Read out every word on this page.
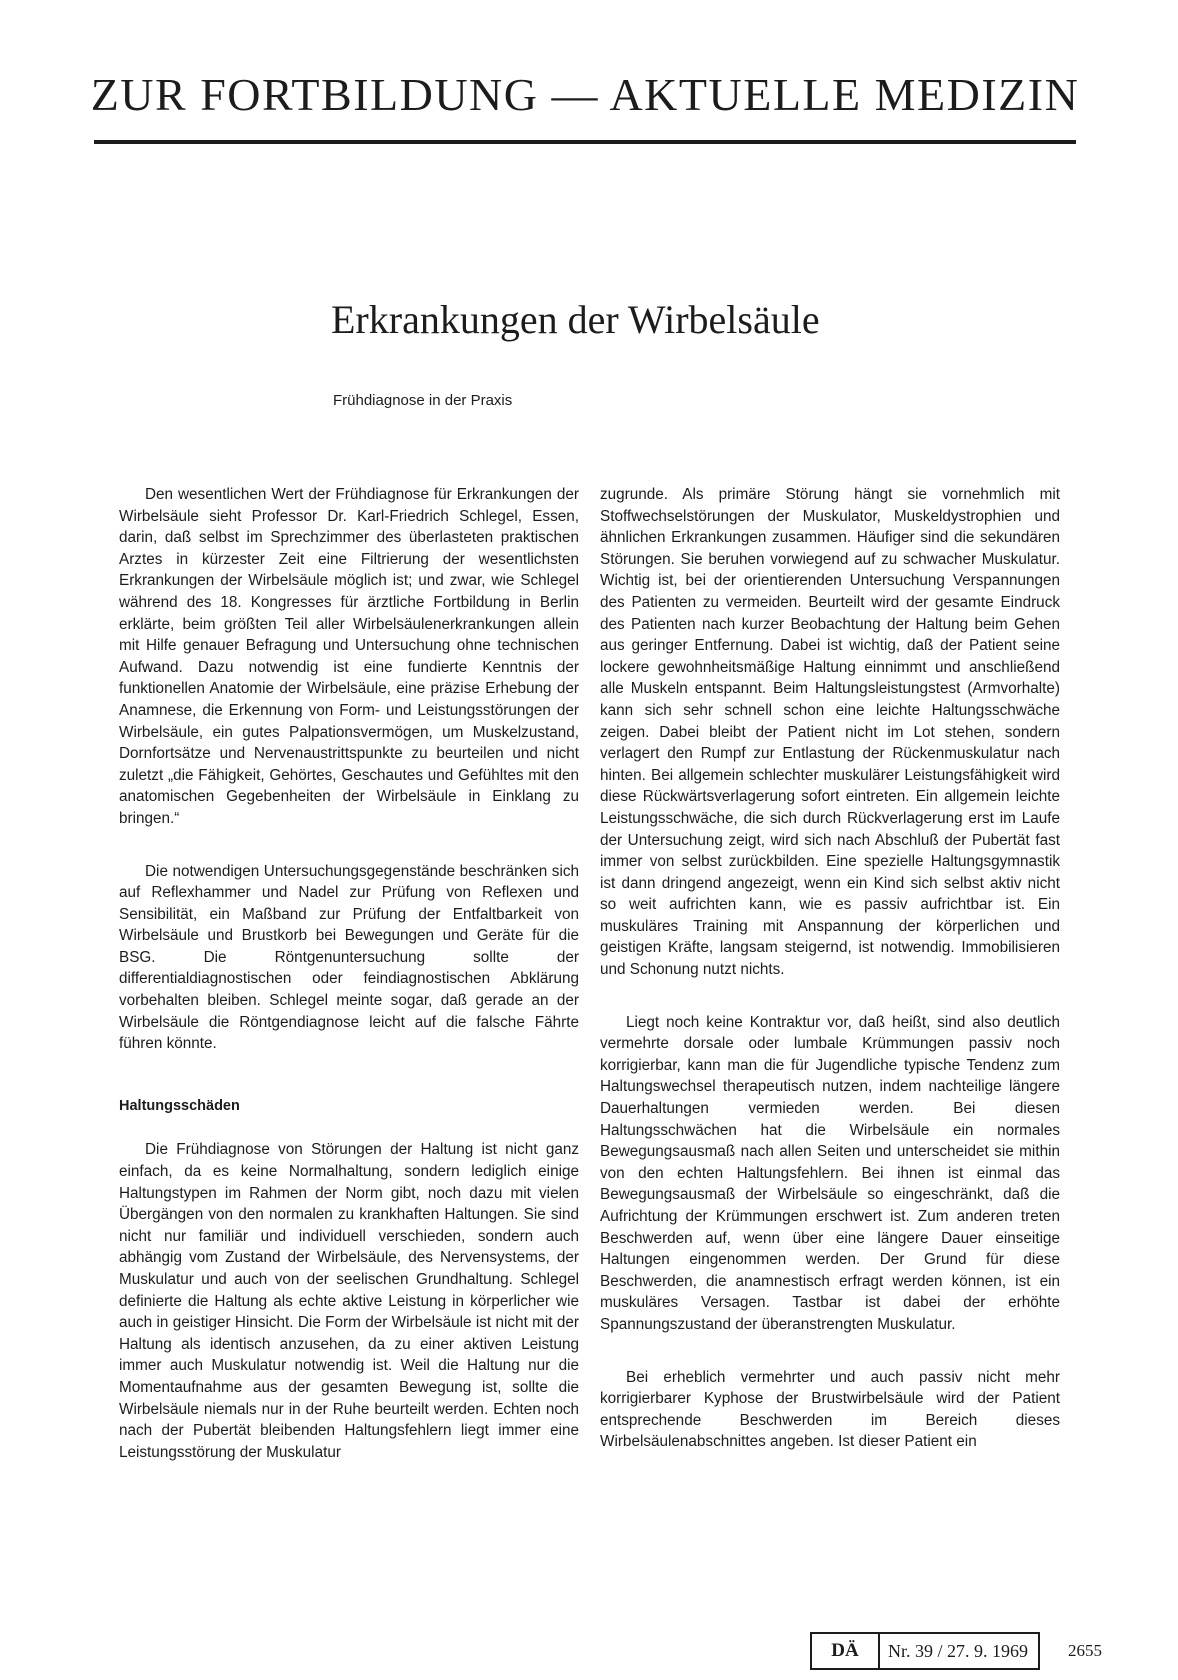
ZUR FORTBILDUNG — AKTUELLE MEDIZIN
Erkrankungen der Wirbelsäule
Frühdiagnose in der Praxis

Den wesentlichen Wert der Frühdiagnose für Erkrankungen der Wirbelsäule sieht Professor Dr. Karl-Friedrich Schlegel, Essen, darin, daß selbst im Sprechzimmer des überlasteten praktischen Arztes in kürzester Zeit eine Filtrierung der wesentlichsten Erkrankungen der Wirbelsäule möglich ist; und zwar, wie Schlegel während des 18. Kongresses für ärztliche Fortbildung in Berlin erklärte, beim größten Teil aller Wirbelsäulenerkrankungen allein mit Hilfe genauer Befragung und Untersuchung ohne technischen Aufwand. Dazu notwendig ist eine fundierte Kenntnis der funktionellen Anatomie der Wirbelsäule, eine präzise Erhebung der Anamnese, die Erkennung von Form- und Leistungsstörungen der Wirbelsäule, ein gutes Palpationsvermögen, um Muskelzustand, Dornfortsätze und Nervenaustrittspunkte zu beurteilen und nicht zuletzt „die Fähigkeit, Gehörtes, Geschautes und Gefühltes mit den anatomischen Gegebenheiten der Wirbelsäule in Einklang zu bringen.“

Die notwendigen Untersuchungsgegenstände beschränken sich auf Reflexhammer und Nadel zur Prüfung von Reflexen und Sensibilität, ein Maßband zur Prüfung der Entfaltbarkeit von Wirbelsäule und Brustkorb bei Bewegungen und Geräte für die BSG. Die Röntgenuntersuchung sollte der differentialdiagnostischen oder feindiagnostischen Abklärung vorbehalten bleiben. Schlegel meinte sogar, daß gerade an der Wirbelsäule die Röntgendiagnose leicht auf die falsche Fährte führen könnte.

Haltungsschäden

Die Frühdiagnose von Störungen der Haltung ist nicht ganz einfach, da es keine Normalhaltung, sondern lediglich einige Haltungstypen im Rahmen der Norm gibt, noch dazu mit vielen Übergängen von den normalen zu krankhaften Haltungen. Sie sind nicht nur familiär und individuell verschieden, sondern auch abhängig vom Zustand der Wirbelsäule, des Nervensystems, der Muskulatur und auch von der seelischen Grundhaltung. Schlegel definierte die Haltung als echte aktive Leistung in körperlicher wie auch in geistiger Hinsicht. Die Form der Wirbelsäule ist nicht mit der Haltung als identisch anzusehen, da zu einer aktiven Leistung immer auch Muskulatur notwendig ist. Weil die Haltung nur die Momentaufnahme aus der gesamten Bewegung ist, sollte die Wirbelsäule niemals nur in der Ruhe beurteilt werden. Echten noch nach der Pubertät bleibenden Haltungsfehlern liegt immer eine Leistungsstörung der Muskulatur

zugrunde. Als primäre Störung hängt sie vornehmlich mit Stoffwechselstörungen der Muskulator, Muskeldystrophien und ähnlichen Erkrankungen zusammen. Häufiger sind die sekundären Störungen. Sie beruhen vorwiegend auf zu schwacher Muskulatur. Wichtig ist, bei der orientierenden Untersuchung Verspannungen des Patienten zu vermeiden. Beurteilt wird der gesamte Eindruck des Patienten nach kurzer Beobachtung der Haltung beim Gehen aus geringer Entfernung. Dabei ist wichtig, daß der Patient seine lockere gewohnheitsmäßige Haltung einnimmt und anschließend alle Muskeln entspannt. Beim Haltungsleistungstest (Armvorhalte) kann sich sehr schnell schon eine leichte Haltungsschwäche zeigen. Dabei bleibt der Patient nicht im Lot stehen, sondern verlagert den Rumpf zur Entlastung der Rückenmuskulatur nach hinten. Bei allgemein schlechter muskulärer Leistungsfähigkeit wird diese Rückwärtsverlagerung sofort eintreten. Ein allgemein leichte Leistungsschwäche, die sich durch Rückverlagerung erst im Laufe der Untersuchung zeigt, wird sich nach Abschluß der Pubertät fast immer von selbst zurückbilden. Eine spezielle Haltungsgymnastik ist dann dringend angezeigt, wenn ein Kind sich selbst aktiv nicht so weit aufrichten kann, wie es passiv aufrichtbar ist. Ein muskuläres Training mit Anspannung der körperlichen und geistigen Kräfte, langsam steigernd, ist notwendig. Immobilisieren und Schonung nutzt nichts.

Liegt noch keine Kontraktur vor, daß heißt, sind also deutlich vermehrte dorsale oder lumbale Krümmungen passiv noch korrigierbar, kann man die für Jugendliche typische Tendenz zum Haltungswechsel therapeutisch nutzen, indem nachteilige längere Dauerhaltungen vermieden werden. Bei diesen Haltungsschwächen hat die Wirbelsäule ein normales Bewegungsausmaß nach allen Seiten und unterscheidet sie mithin von den echten Haltungsfehlern. Bei ihnen ist einmal das Bewegungsausmaß der Wirbelsäule so eingeschränkt, daß die Aufrichtung der Krümmungen erschwert ist. Zum anderen treten Beschwerden auf, wenn über eine längere Dauer einseitige Haltungen eingenommen werden. Der Grund für diese Beschwerden, die anamnestisch erfragt werden können, ist ein muskuläres Versagen. Tastbar ist dabei der erhöhte Spannungszustand der überanstrengten Muskulatur.

Bei erheblich vermehrter und auch passiv nicht mehr korrigierbarer Kyphose der Brustwirbelsäule wird der Patient entsprechende Beschwerden im Bereich dieses Wirbelsäulenabschnittes angeben. Ist dieser Patient ein

DÄ	Nr. 39 / 27. 9. 1969	2655
